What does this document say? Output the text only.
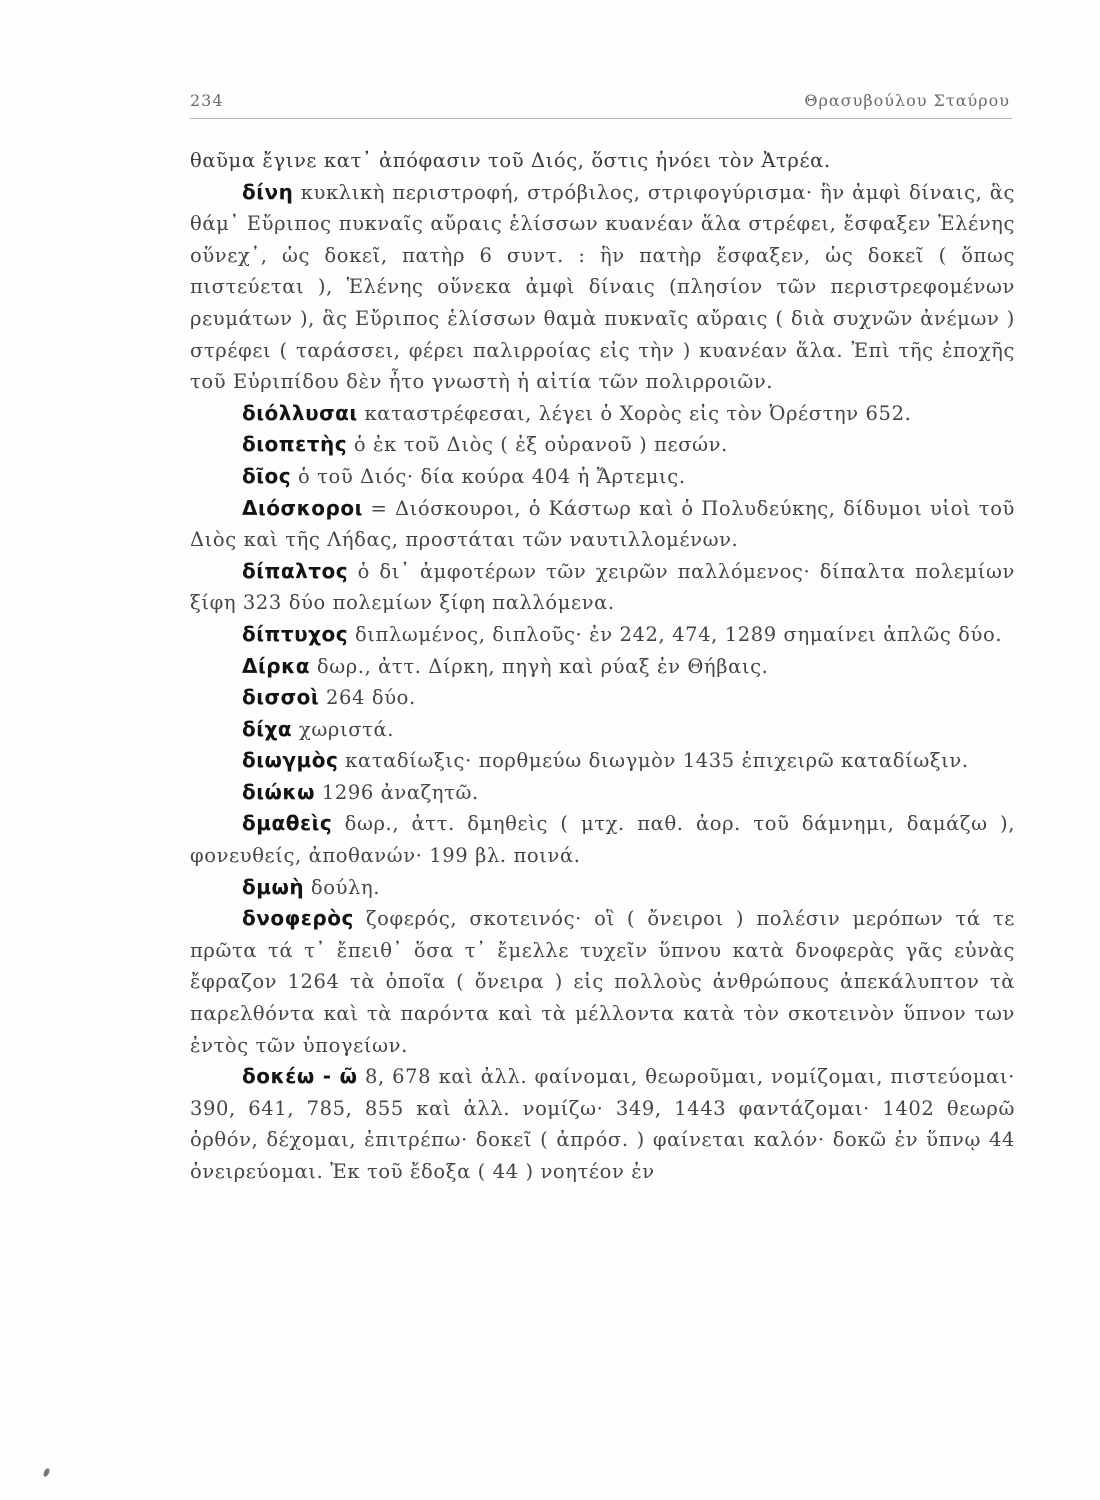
234	Θρασυβούλου Σταύρου

θαῦμα ἔγινε κατ᾽ ἀπόφασιν τοῦ Διός, ὅστις ἠνόει τὸν Ἀτρέα.

δίνη κυκλικὴ περιστροφή, στρόβιλος, στριφογύρισμα· ἣν ἀμφὶ δίναις, ἃς θάμ᾽ Εὔριπος πυκναῖς αὔραις ἑλίσσων κυανέαν ἅλα στρέφει, ἔσφαξεν Ἑλένης οὕνεχ᾽, ὡς δοκεῖ, πατὴρ 6 συντ. : ἣν πατὴρ ἔσφαξεν, ὡς δοκεῖ ( ὅπως πιστεύεται ), Ἑλένης οὕνεκα ἀμφὶ δίναις (πλησίον τῶν περιστρεφομένων ρευμάτων ), ἃς Εὔριπος ἑλίσσων θαμὰ πυκναῖς αὔραις ( διὰ συχνῶν ἀνέμων ) στρέφει ( ταράσσει, φέρει παλιρροίας εἰς τὴν ) κυανέαν ἅλα. Ἐπὶ τῆς ἐποχῆς τοῦ Εὐριπίδου δὲν ἦτο γνωστὴ ἡ αἰτία τῶν πολιρροιῶν.

διόλλυσαι καταστρέφεσαι, λέγει ὁ Χορὸς εἰς τὸν Ὀρέστην 652.

διοπετὴς ὁ ἐκ τοῦ Διὸς ( ἐξ οὐρανοῦ ) πεσών.

δῖος ὁ τοῦ Διός· δία κούρα 404 ἡ Ἄρτεμις.

Διόσκοροι = Διόσκουροι, ὁ Κάστωρ καὶ ὁ Πολυδεύκης, δίδυμοι υἱοὶ τοῦ Διὸς καὶ τῆς Λήδας, προστάται τῶν ναυτιλλομένων.

δίπαλτος ὁ δι᾽ ἀμφοτέρων τῶν χειρῶν παλλόμενος· δίπαλτα πολεμίων ξίφη 323 δύο πολεμίων ξίφη παλλόμενα.

δίπτυχος διπλωμένος, διπλοῦς· ἐν 242, 474, 1289 σημαίνει ἁπλῶς δύο.

Δίρκα δωρ., ἀττ. Δίρκη, πηγὴ καὶ ρύαξ ἐν Θήβαις.

δισσοὶ 264 δύο.

δίχα χωριστά.

διωγμὸς καταδίωξις· πορθμεύω διωγμὸν 1435 ἐπιχειρῶ καταδίωξιν.

διώκω 1296 ἀναζητῶ.

δμαθεὶς δωρ., ἀττ. δμηθεὶς ( μτχ. παθ. ἀορ. τοῦ δάμνημι, δαμάζω ), φονευθείς, ἀποθανών· 199 βλ. ποινά.

δμωὴ δούλη.

δνοφερὸς ζοφερός, σκοτεινός· οἳ ( ὄνειροι ) πολέσιν μερόπων τά τε πρῶτα τά τ᾽ ἔπειθ᾽ ὅσα τ᾽ ἔμελλε τυχεῖν ὕπνου κατὰ δνοφερὰς γᾶς εὐνὰς ἔφραζον 1264 τὰ ὁποῖα ( ὄνειρα ) εἰς πολλοὺς ἀνθρώπους ἀπεκάλυπτον τὰ παρελθόντα καὶ τὰ παρόντα καὶ τὰ μέλλοντα κατὰ τὸν σκοτεινὸν ὕπνον των ἐντὸς τῶν ὑπογείων.

δοκέω - ῶ 8, 678 καὶ ἀλλ. φαίνομαι, θεωροῦμαι, νομίζομαι, πιστεύομαι· 390, 641, 785, 855 καὶ ἀλλ. νομίζω· 349, 1443 φαντάζομαι· 1402 θεωρῶ ὀρθόν, δέχομαι, ἐπιτρέπω· δοκεῖ ( ἀπρόσ. ) φαίνεται καλόν· δοκῶ ἐν ὕπνῳ 44 ὀνειρεύομαι. Ἐκ τοῦ ἔδοξα ( 44 ) νοητέον ἐν
